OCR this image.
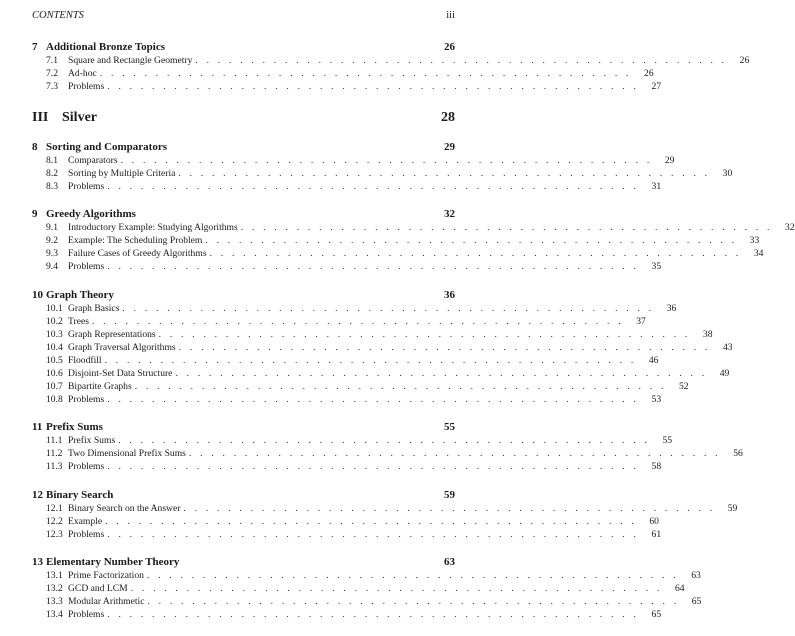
CONTENTS	iii
7 Additional Bronze Topics	26
7.1	Square and Rectangle Geometry . . . . . . . . . . . . . . . . . . . . . . . . . . . . . . . . . . . . . . . . . . . . . . . .	26
7.2	Ad-hoc . . . . . . . . . . . . . . . . . . . . . . . . . . . . . . . . . . . . . . . . . . . . . . . .	26
7.3	Problems . . . . . . . . . . . . . . . . . . . . . . . . . . . . . . . . . . . . . . . . . . . . . . . .	27
III Silver	28
8 Sorting and Comparators	29
8.1	Comparators . . . . . . . . . . . . . . . . . . . . . . . . . . . . . . . . . . . . . . . . . . . . . . . .	29
8.2	Sorting by Multiple Criteria . . . . . . . . . . . . . . . . . . . . . . . . . . . . . . . . . . . . . . . . . . . . . . . .	30
8.3	Problems . . . . . . . . . . . . . . . . . . . . . . . . . . . . . . . . . . . . . . . . . . . . . . . .	31
9 Greedy Algorithms	32
9.1	Introductory Example: Studying Algorithms . . . . . . . . . . . . . . . . . . . . . . . . . . . . . . . . . . . . . . . . . . . . . . . .	32
9.2	Example: The Scheduling Problem . . . . . . . . . . . . . . . . . . . . . . . . . . . . . . . . . . . . . . . . . . . . . . . .	33
9.3	Failure Cases of Greedy Algorithms . . . . . . . . . . . . . . . . . . . . . . . . . . . . . . . . . . . . . . . . . . . . . . . .	34
9.4	Problems . . . . . . . . . . . . . . . . . . . . . . . . . . . . . . . . . . . . . . . . . . . . . . . .	35
10 Graph Theory	36
10.1 Graph Basics . . . . . . . . . . . . . . . . . . . . . . . . . . . . . . . . . . . . . . . . . . . . . . . .	36
10.2 Trees . . . . . . . . . . . . . . . . . . . . . . . . . . . . . . . . . . . . . . . . . . . . . . . .	37
10.3 Graph Representations . . . . . . . . . . . . . . . . . . . . . . . . . . . . . . . . . . . . . . . . . . . . . . . .	38
10.4 Graph Traversal Algorithms . . . . . . . . . . . . . . . . . . . . . . . . . . . . . . . . . . . . . . . . . . . . . . . .	43
10.5 Floodfill . . . . . . . . . . . . . . . . . . . . . . . . . . . . . . . . . . . . . . . . . . . . . . . .	46
10.6 Disjoint-Set Data Structure . . . . . . . . . . . . . . . . . . . . . . . . . . . . . . . . . . . . . . . . . . . . . . . .	49
10.7 Bipartite Graphs . . . . . . . . . . . . . . . . . . . . . . . . . . . . . . . . . . . . . . . . . . . . . . . .	52
10.8 Problems . . . . . . . . . . . . . . . . . . . . . . . . . . . . . . . . . . . . . . . . . . . . . . . .	53
11 Prefix Sums	55
11.1 Prefix Sums . . . . . . . . . . . . . . . . . . . . . . . . . . . . . . . . . . . . . . . . . . . . . . . .	55
11.2 Two Dimensional Prefix Sums . . . . . . . . . . . . . . . . . . . . . . . . . . . . . . . . . . . . . . . . . . . . . . . .	56
11.3 Problems . . . . . . . . . . . . . . . . . . . . . . . . . . . . . . . . . . . . . . . . . . . . . . . .	58
12 Binary Search	59
12.1 Binary Search on the Answer . . . . . . . . . . . . . . . . . . . . . . . . . . . . . . . . . . . . . . . . . . . . . . . .	59
12.2 Example . . . . . . . . . . . . . . . . . . . . . . . . . . . . . . . . . . . . . . . . . . . . . . . .	60
12.3 Problems . . . . . . . . . . . . . . . . . . . . . . . . . . . . . . . . . . . . . . . . . . . . . . . .	61
13 Elementary Number Theory	63
13.1 Prime Factorization . . . . . . . . . . . . . . . . . . . . . . . . . . . . . . . . . . . . . . . . . . . . . . . .	63
13.2 GCD and LCM . . . . . . . . . . . . . . . . . . . . . . . . . . . . . . . . . . . . . . . . . . . . . . . .	64
13.3 Modular Arithmetic . . . . . . . . . . . . . . . . . . . . . . . . . . . . . . . . . . . . . . . . . . . . . . . .	65
13.4 Problems . . . . . . . . . . . . . . . . . . . . . . . . . . . . . . . . . . . . . . . . . . . . . . . .	65
